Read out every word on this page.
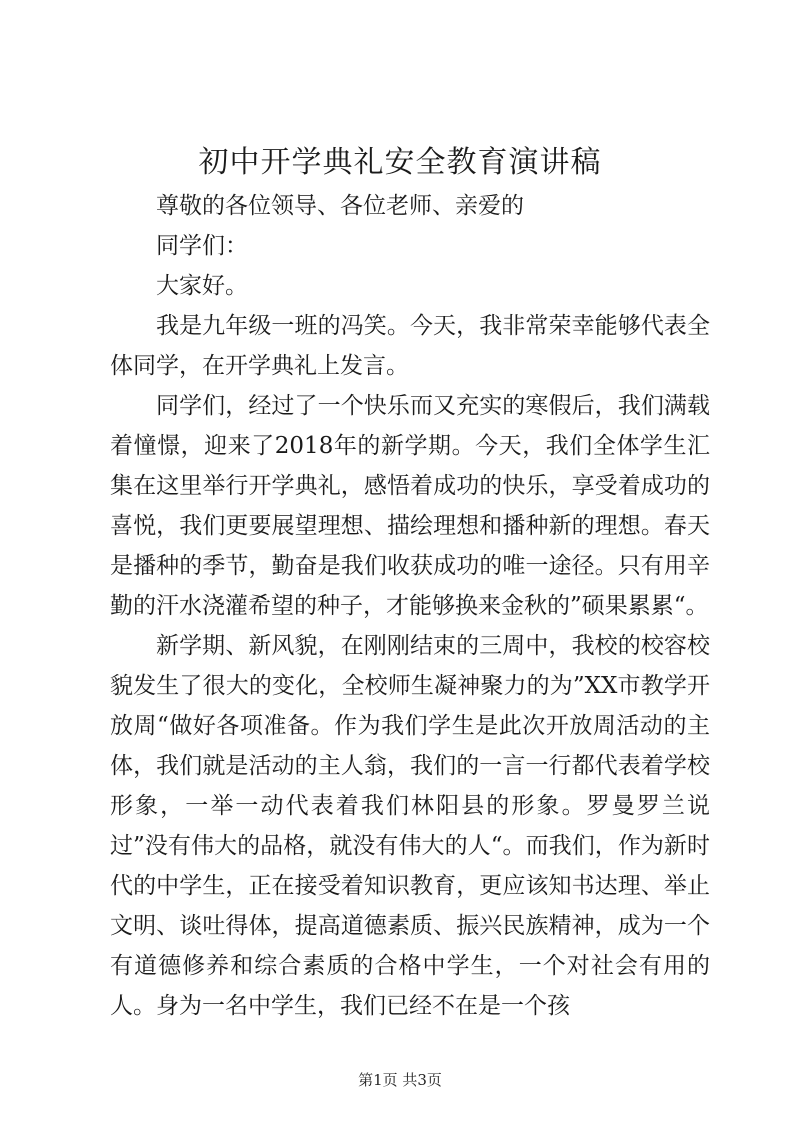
初中开学典礼安全教育演讲稿

尊敬的各位领导、各位老师、亲爱的

同学们：

大家好。

我是九年级一班的冯笑。今天，我非常荣幸能够代表全体同学，在开学典礼上发言。

同学们，经过了一个快乐而又充实的寒假后，我们满载着憧憬，迎来了2018年的新学期。今天，我们全体学生汇集在这里举行开学典礼，感悟着成功的快乐，享受着成功的喜悦，我们更要展望理想、描绘理想和播种新的理想。春天是播种的季节，勤奋是我们收获成功的唯一途径。只有用辛勤的汗水浇灌希望的种子，才能够换来金秋的”硕果累累“。

新学期、新风貌，在刚刚结束的三周中，我校的校容校貌发生了很大的变化，全校师生凝神聚力的为”XX市教学开放周“做好各项准备。作为我们学生是此次开放周活动的主体，我们就是活动的主人翁，我们的一言一行都代表着学校形象，一举一动代表着我们林阳县的形象。罗曼罗兰说过”没有伟大的品格，就没有伟大的人“。而我们，作为新时代的中学生，正在接受着知识教育，更应该知书达理、举止文明、谈吐得体，提高道德素质、振兴民族精神，成为一个有道德修养和综合素质的合格中学生，一个对社会有用的人。身为一名中学生，我们已经不在是一个孩

第1页 共3页
